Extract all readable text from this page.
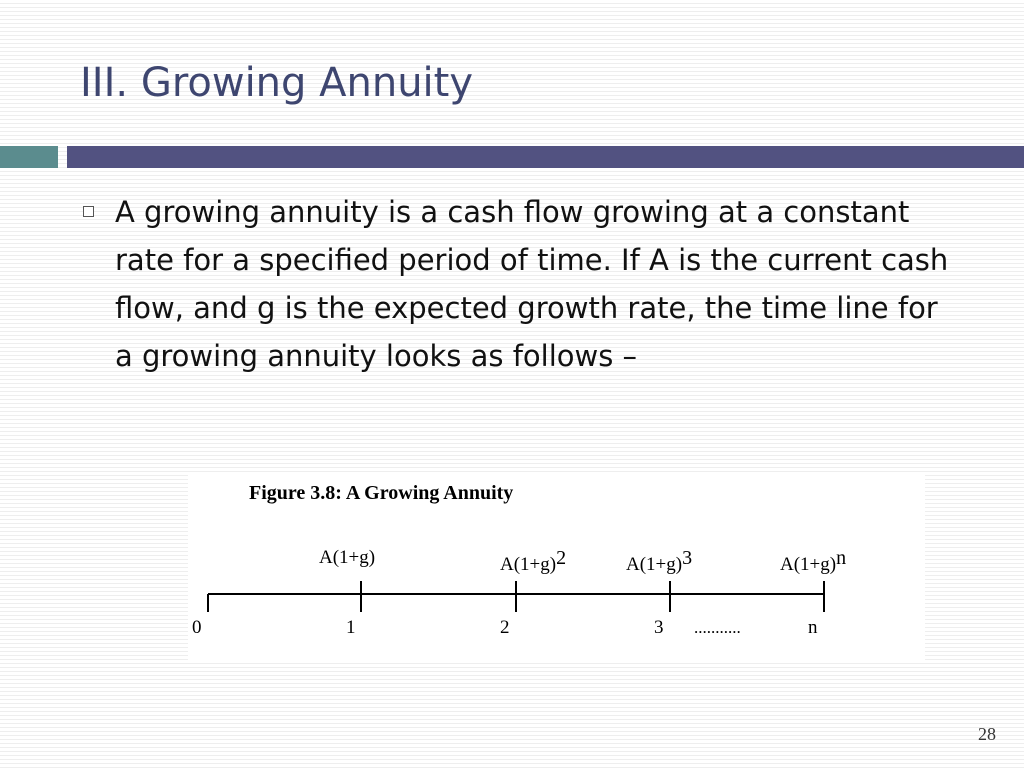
III. Growing Annuity

A growing annuity is a cash flow growing at a constant rate for a specified period of time. If A is the current cash flow, and g is the expected growth rate, the time line for a growing annuity looks as follows –

Figure 3.8: A Growing Annuity
A(1+g)	A(1+g)2	A(1+g)3	A(1+g)n
0	1	2	3 ...........	n
28
